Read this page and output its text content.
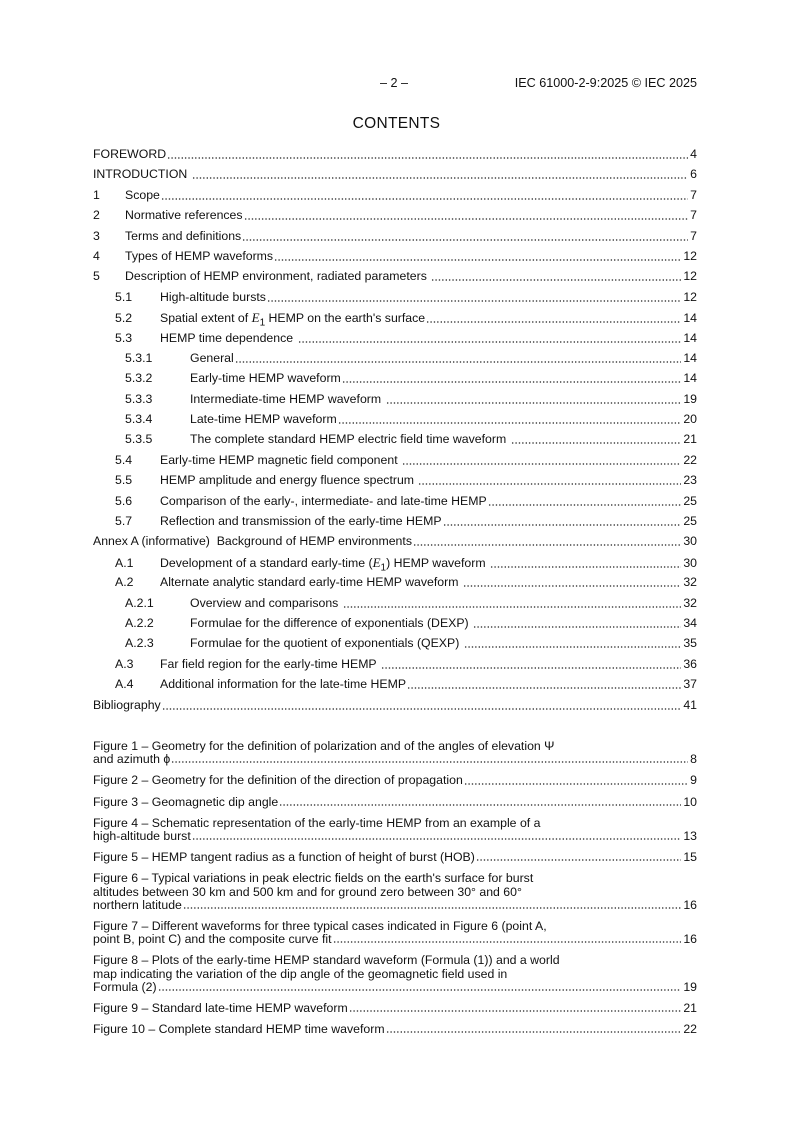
– 2 –	IEC 61000-2-9:2025 © IEC 2025
CONTENTS
FOREWORD	4
INTRODUCTION	6
1	Scope	7
2	Normative references	7
3	Terms and definitions	7
4	Types of HEMP waveforms	12
5	Description of HEMP environment, radiated parameters	12
5.1	High-altitude bursts	12
5.2	Spatial extent of $E_1$ HEMP on the earth's surface	14
5.3	HEMP time dependence	14
5.3.1	General	14
5.3.2	Early-time HEMP waveform	14
5.3.3	Intermediate-time HEMP waveform	19
5.3.4	Late-time HEMP waveform	20
5.3.5	The complete standard HEMP electric field time waveform	21
5.4	Early-time HEMP magnetic field component	22
5.5	HEMP amplitude and energy fluence spectrum	23
5.6	Comparison of the early-, intermediate- and late-time HEMP	25
5.7	Reflection and transmission of the early-time HEMP	25
Annex A (informative)  Background of HEMP environments	30
A.1	Development of a standard early-time $(E_1)$ HEMP waveform	30
A.2	Alternate analytic standard early-time HEMP waveform	32
A.2.1	Overview and comparisons	32
A.2.2	Formulae for the difference of exponentials (DEXP)	34
A.2.3	Formulae for the quotient of exponentials (QEXP)	35
A.3	Far field region for the early-time HEMP	36
A.4	Additional information for the late-time HEMP	37
Bibliography	41
Figure 1 – Geometry for the definition of polarization and of the angles of elevation Ψ
and azimuth ϕ	8
Figure 2 – Geometry for the definition of the direction of propagation	9
Figure 3 – Geomagnetic dip angle	10
Figure 4 – Schematic representation of the early-time HEMP from an example of a
high-altitude burst	13
Figure 5 – HEMP tangent radius as a function of height of burst (HOB)	15
Figure 6 – Typical variations in peak electric fields on the earth's surface for burst
altitudes between 30 km and 500 km and for ground zero between 30° and 60°
northern latitude	16
Figure 7 – Different waveforms for three typical cases indicated in Figure 6 (point A,
point B, point C) and the composite curve fit	16
Figure 8 – Plots of the early-time HEMP standard waveform (Formula (1)) and a world
map indicating the variation of the dip angle of the geomagnetic field used in
Formula (2)	19
Figure 9 – Standard late-time HEMP waveform	21
Figure 10 – Complete standard HEMP time waveform	22
